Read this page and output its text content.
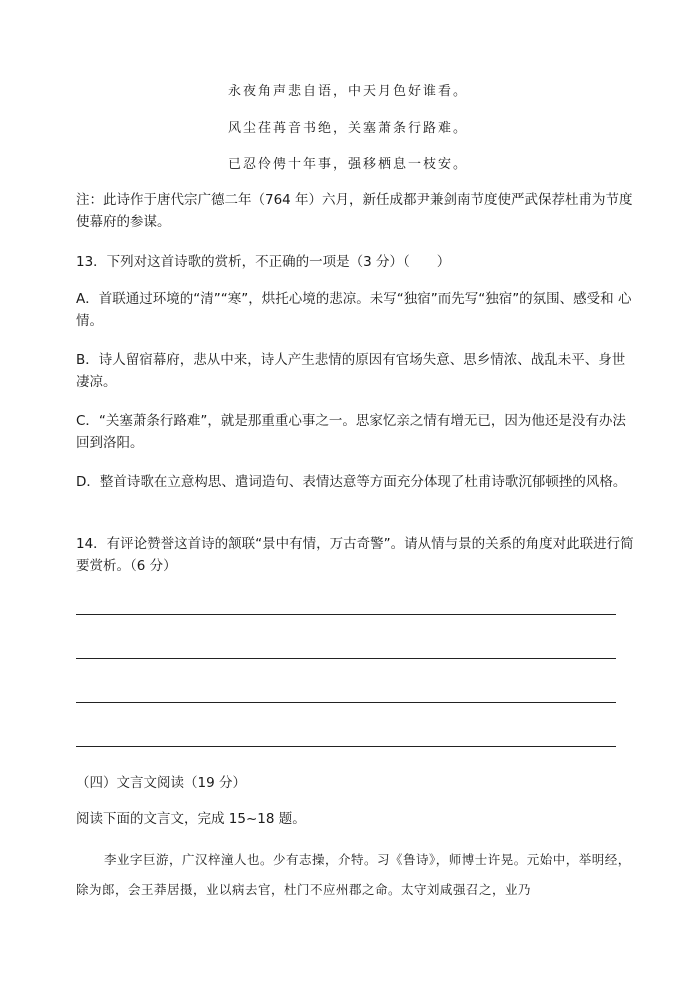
永夜角声悲自语，中天月色好谁看。
风尘荏苒音书绝，关塞萧条行路难。
已忍伶俜十年事，强移栖息一枝安。
注：此诗作于唐代宗广德二年（764 年）六月，新任成都尹兼剑南节度使严武保荐杜甫为节度使幕府的参谋。
13．下列对这首诗歌的赏析，不正确的一项是（3 分）（　　）
A．首联通过环境的“清”“寒”，烘托心境的悲凉。未写“独宿”而先写“独宿”的氛围、感受和 心情。
B．诗人留宿幕府，悲从中来，诗人产生悲情的原因有官场失意、思乡情浓、战乱未平、身世凄凉。
C．“关塞萧条行路难”，就是那重重心事之一。思家忆亲之情有增无已，因为他还是没有办法回到洛阳。
D．整首诗歌在立意构思、遣词造句、表情达意等方面充分体现了杜甫诗歌沉郁顿挫的风格。
14．有评论赞誉这首诗的颔联“景中有情，万古奇警”。请从情与景的关系的角度对此联进行简要赏析。（6 分）
（四）文言文阅读（19 分）
阅读下面的文言文，完成 15~18 题。
李业字巨游，广汉梓潼人也。少有志操，介特。习《鲁诗》，师博士许晃。元始中，举明经，除为郎，会王莽居摄，业以病去官，杜门不应州郡之命。太守刘咸强召之，业乃
